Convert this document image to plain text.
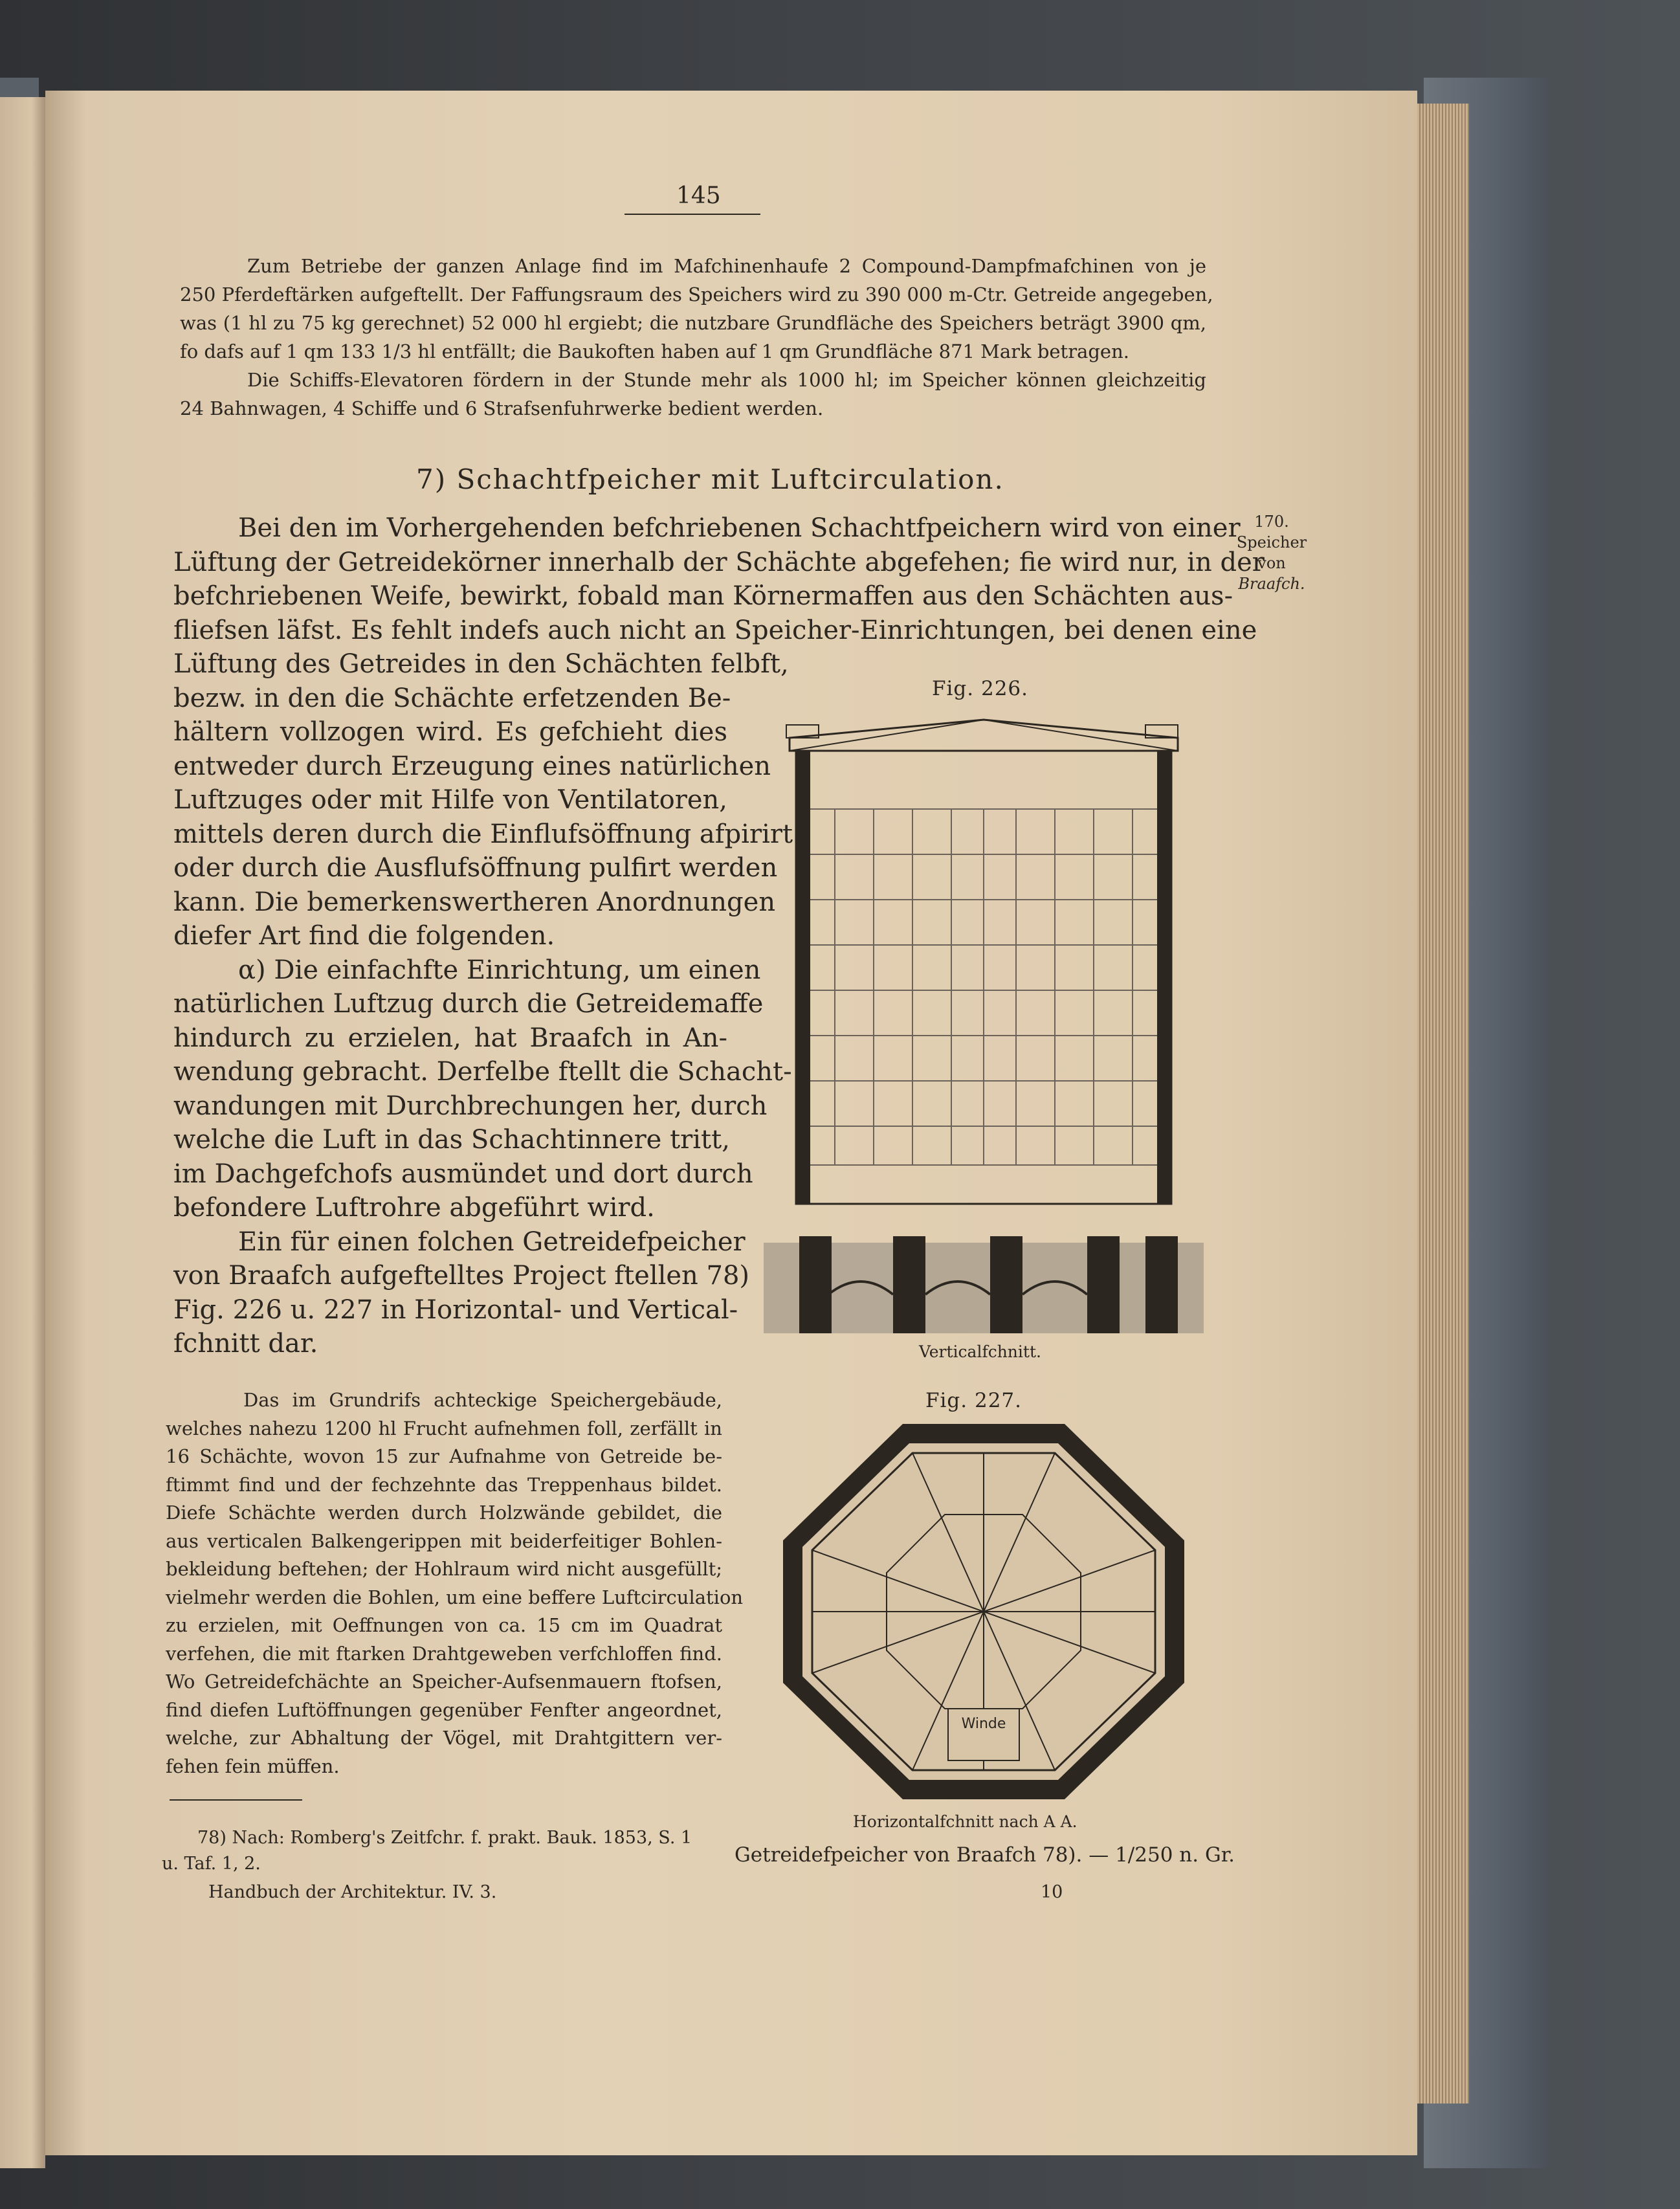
145

Zum Betriebe der ganzen Anlage find im Mafchinenhaufe 2 Compound-Dampfmafchinen von je

250 Pferdeftärken aufgeftellt. Der Faffungsraum des Speichers wird zu 390 000 m-Ctr. Getreide angegeben,

was (1 hl zu 75 kg gerechnet) 52 000 hl ergiebt; die nutzbare Grundfläche des Speichers beträgt 3900 qm,

fo dafs auf 1 qm 133 1/3 hl entfällt; die Baukoften haben auf 1 qm Grundfläche 871 Mark betragen.

Die Schiffs-Elevatoren fördern in der Stunde mehr als 1000 hl; im Speicher können gleichzeitig

24 Bahnwagen, 4 Schiffe und 6 Strafsenfuhrwerke bedient werden.

7) Schachtfpeicher mit Luftcirculation.
170.
Speicher
von
Braafch.

Bei den im Vorhergehenden befchriebenen Schachtfpeichern wird von einer

Lüftung der Getreidekörner innerhalb der Schächte abgefehen; fie wird nur, in der

befchriebenen Weife, bewirkt, fobald man Körnermaffen aus den Schächten aus-

fliefsen läfst. Es fehlt indefs auch nicht an Speicher-Einrichtungen, bei denen eine

Lüftung des Getreides in den Schächten felbft,

bezw. in den die Schächte erfetzenden Be-

hältern vollzogen wird. Es gefchieht dies

entweder durch Erzeugung eines natürlichen

Luftzuges oder mit Hilfe von Ventilatoren,

mittels deren durch die Einflufsöffnung afpirirt

oder durch die Ausflufsöffnung pulfirt werden

kann. Die bemerkenswertheren Anordnungen

diefer Art find die folgenden.

α) Die einfachfte Einrichtung, um einen

natürlichen Luftzug durch die Getreidemaffe

hindurch zu erzielen, hat Braafch in An-

wendung gebracht. Derfelbe ftellt die Schacht-

wandungen mit Durchbrechungen her, durch

welche die Luft in das Schachtinnere tritt,

im Dachgefchofs ausmündet und dort durch

befondere Luftrohre abgeführt wird.

Ein für einen folchen Getreidefpeicher

von Braafch aufgeftelltes Project ftellen 78)

Fig. 226 u. 227 in Horizontal- und Vertical-

fchnitt dar.

Das im Grundrifs achteckige Speichergebäude,

welches nahezu 1200 hl Frucht aufnehmen foll, zerfällt in

16 Schächte, wovon 15 zur Aufnahme von Getreide be-

ftimmt find und der fechzehnte das Treppenhaus bildet.

Diefe Schächte werden durch Holzwände gebildet, die

aus verticalen Balkengerippen mit beiderfeitiger Bohlen-

bekleidung beftehen; der Hohlraum wird nicht ausgefüllt;

vielmehr werden die Bohlen, um eine beffere Luftcirculation

zu erzielen, mit Oeffnungen von ca. 15 cm im Quadrat

verfehen, die mit ftarken Drahtgeweben verfchloffen find.

Wo Getreidefchächte an Speicher-Aufsenmauern ftofsen,

find diefen Luftöffnungen gegenüber Fenfter angeordnet,

welche, zur Abhaltung der Vögel, mit Drahtgittern ver-

fehen fein müffen.

Fig. 226.
Verticalfchnitt.
Fig. 227.
Winde
Horizontalfchnitt nach A A.
78) Nach: Romberg's Zeitfchr. f. prakt. Bauk. 1853, S. 1
u. Taf. 1, 2.	Getreidefpeicher von Braafch 78). — 1/250 n. Gr.
Handbuch der Architektur. IV. 3.	10
